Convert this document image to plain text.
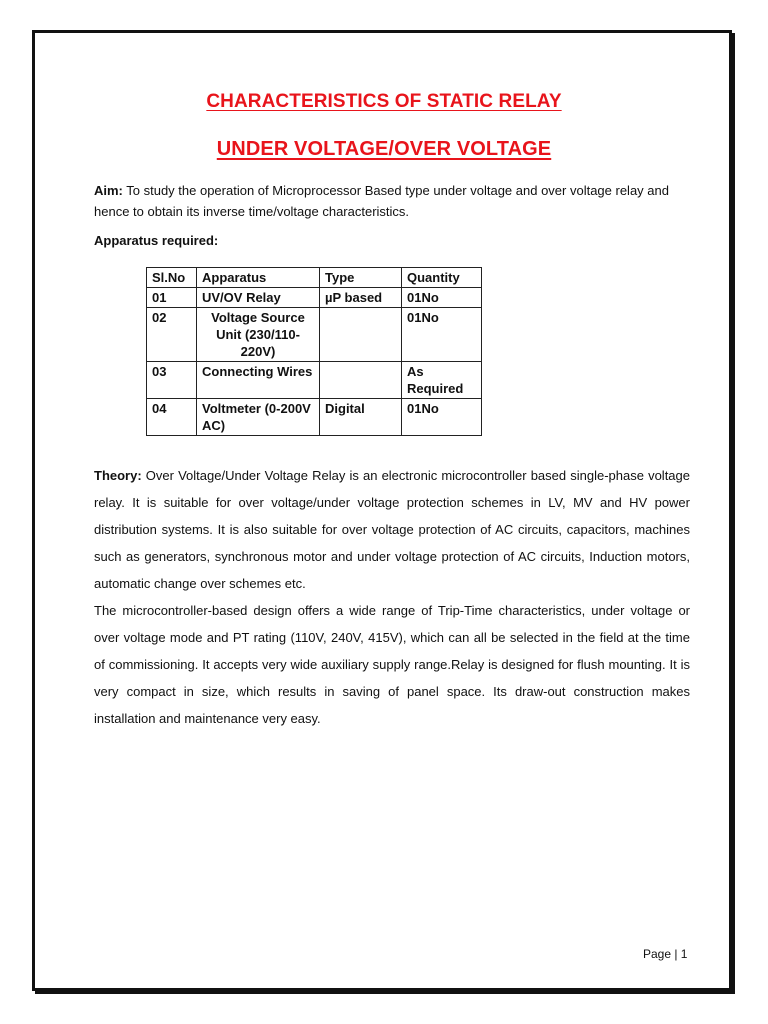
CHARACTERISTICS OF STATIC RELAY
UNDER VOLTAGE/OVER VOLTAGE
Aim: To study the operation of Microprocessor Based type under voltage and over voltage relay and hence to obtain its inverse time/voltage characteristics.
Apparatus required:
Sl.No	Apparatus	Type	Quantity
01	UV/OV Relay	µP based	01No
02	Voltage Source Unit (230/110-220V)		01No
03	Connecting Wires		As Required
04	Voltmeter (0-200V AC)	Digital	01No

Theory: Over Voltage/Under Voltage Relay is an electronic microcontroller based single-phase voltage relay. It is suitable for over voltage/under voltage protection schemes in LV, MV and HV power distribution systems. It is also suitable for over voltage protection of AC circuits, capacitors, machines such as generators, synchronous motor and under voltage protection of AC circuits, Induction motors, automatic change over schemes etc.

The microcontroller-based design offers a wide range of Trip-Time characteristics, under voltage or over voltage mode and PT rating (110V, 240V, 415V), which can all be selected in the field at the time of commissioning. It accepts very wide auxiliary supply range.Relay is designed for flush mounting. It is very compact in size, which results in saving of panel space. Its draw-out construction makes installation and maintenance very easy.

Page | 1
